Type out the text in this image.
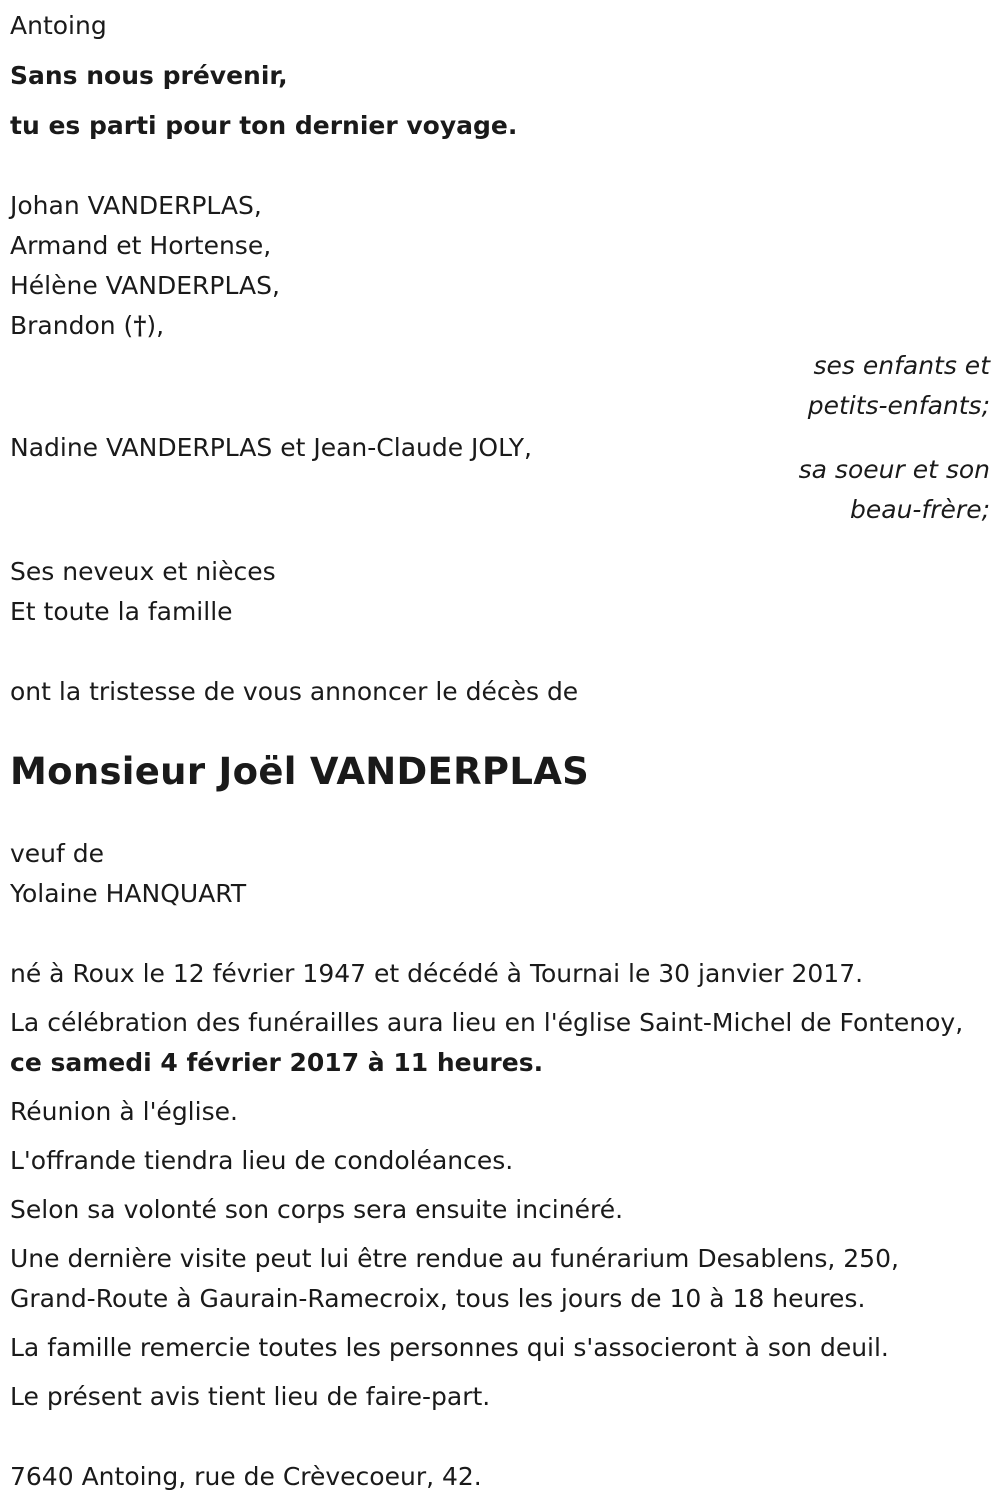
Antoing
Sans nous prévenir,
tu es parti pour ton dernier voyage.
Johan VANDERPLAS,
Armand et Hortense,
Hélène VANDERPLAS,
Brandon (†),
ses enfants et
petits-enfants;
Nadine VANDERPLAS et Jean-Claude JOLY,
sa soeur et son
beau-frère;
Ses neveux et nièces
Et toute la famille
ont la tristesse de vous annoncer le décès de
Monsieur Joël VANDERPLAS
veuf de
Yolaine HANQUART
né à Roux le 12 février 1947 et décédé à Tournai le 30 janvier 2017.
La célébration des funérailles aura lieu en l'église Saint-Michel de Fontenoy, ce samedi 4 février 2017 à 11 heures.
Réunion à l'église.
L'offrande tiendra lieu de condoléances.
Selon sa volonté son corps sera ensuite incinéré.
Une dernière visite peut lui être rendue au funérarium Desablens, 250, Grand-Route à Gaurain-Ramecroix, tous les jours de 10 à 18 heures.
La famille remercie toutes les personnes qui s'associeront à son deuil.
Le présent avis tient lieu de faire-part.
7640 Antoing, rue de Crèvecoeur, 42.
